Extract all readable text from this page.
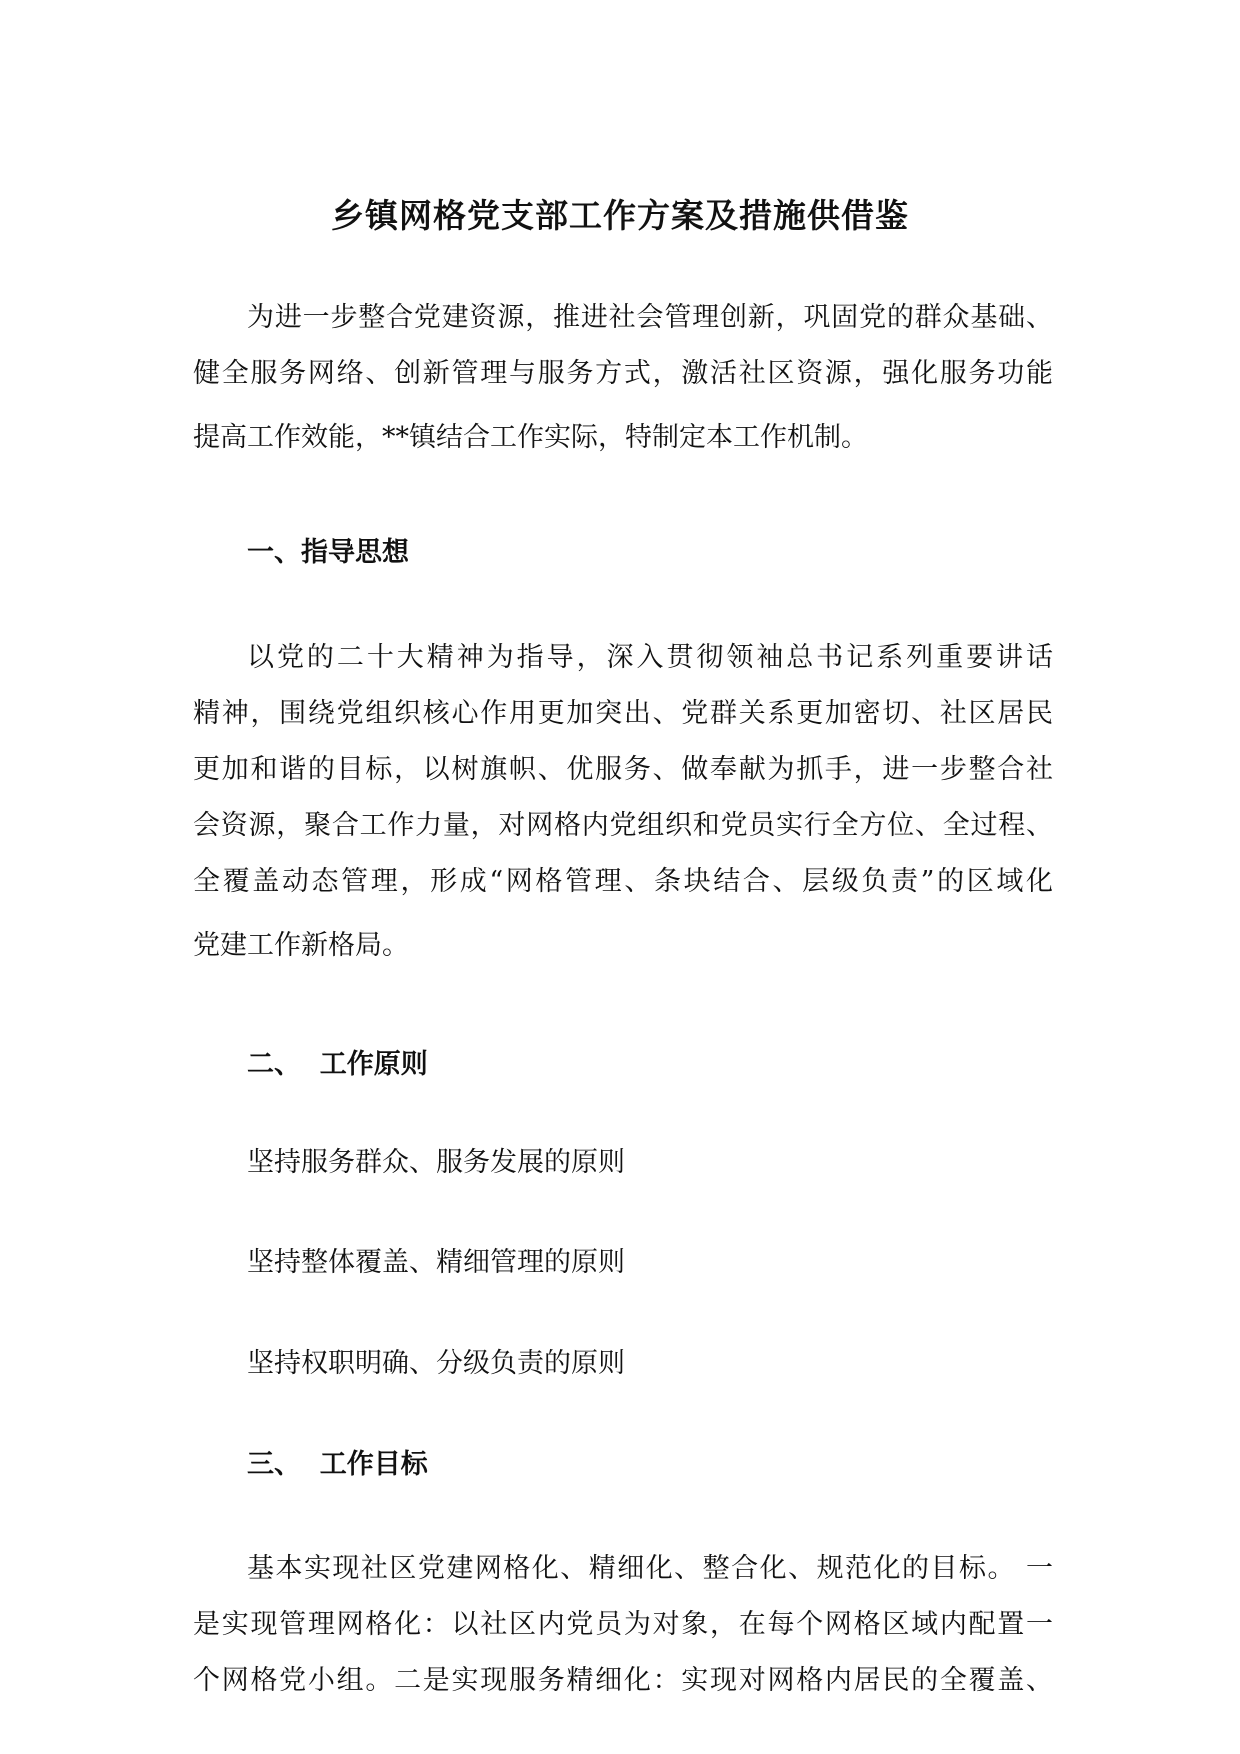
乡镇网格党支部工作方案及措施供借鉴

为进一步整合党建资源，推进社会管理创新，巩固党的群众基础、
健全服务网络、创新管理与服务方式，激活社区资源，强化服务功能
提高工作效能，**镇结合工作实际，特制定本工作机制。

一、指导思想

以党的二十大精神为指导，深入贯彻领袖总书记系列重要讲话
精神，围绕党组织核心作用更加突出、党群关系更加密切、社区居民
更加和谐的目标，以树旗帜、优服务、做奉献为抓手，进一步整合社
会资源，聚合工作力量，对网格内党组织和党员实行全方位、全过程、
全覆盖动态管理，形成“网格管理、条块结合、层级负责”的区域化
党建工作新格局。

二、  工作原则

坚持服务群众、服务发展的原则

坚持整体覆盖、精细管理的原则

坚持权职明确、分级负责的原则

三、  工作目标

基本实现社区党建网格化、精细化、整合化、规范化的目标。 一
是实现管理网格化：以社区内党员为对象，在每个网格区域内配置一
个网格党小组。二是实现服务精细化：实现对网格内居民的全覆盖、
